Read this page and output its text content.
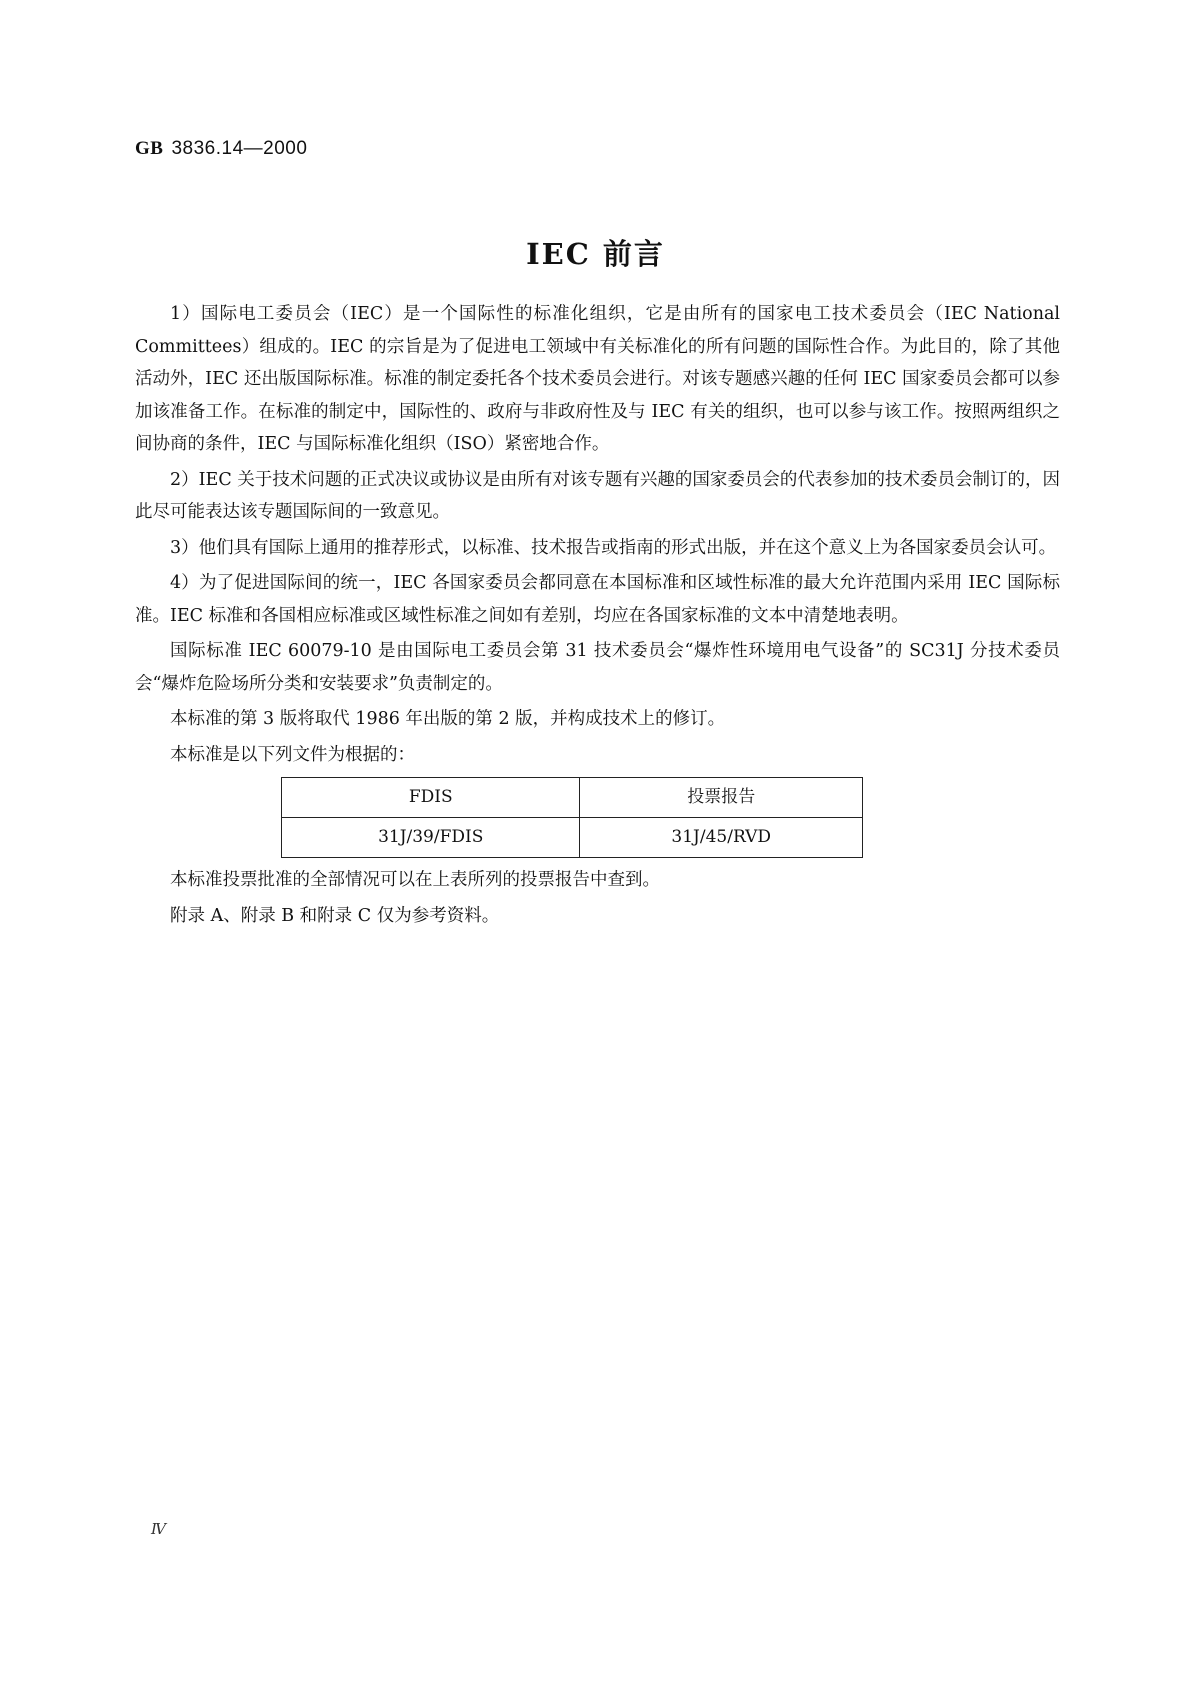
GB 3836.14—2000
IEC 前言

1）国际电工委员会（IEC）是一个国际性的标准化组织，它是由所有的国家电工技术委员会（IEC National Committees）组成的。IEC 的宗旨是为了促进电工领域中有关标准化的所有问题的国际性合作。为此目的，除了其他活动外，IEC 还出版国际标准。标准的制定委托各个技术委员会进行。对该专题感兴趣的任何 IEC 国家委员会都可以参加该准备工作。在标准的制定中，国际性的、政府与非政府性及与 IEC 有关的组织，也可以参与该工作。按照两组织之间协商的条件，IEC 与国际标准化组织（ISO）紧密地合作。

2）IEC 关于技术问题的正式决议或协议是由所有对该专题有兴趣的国家委员会的代表参加的技术委员会制订的，因此尽可能表达该专题国际间的一致意见。

3）他们具有国际上通用的推荐形式，以标准、技术报告或指南的形式出版，并在这个意义上为各国家委员会认可。

4）为了促进国际间的统一，IEC 各国家委员会都同意在本国标准和区域性标准的最大允许范围内采用 IEC 国际标准。IEC 标准和各国相应标准或区域性标准之间如有差别，均应在各国家标准的文本中清楚地表明。

国际标准 IEC 60079-10 是由国际电工委员会第 31 技术委员会“爆炸性环境用电气设备”的 SC31J 分技术委员会“爆炸危险场所分类和安装要求”负责制定的。

本标准的第 3 版将取代 1986 年出版的第 2 版，并构成技术上的修订。

本标准是以下列文件为根据的：

FDIS	投票报告
31J/39/FDIS	31J/45/RVD

本标准投票批准的全部情况可以在上表所列的投票报告中查到。

附录 A、附录 B 和附录 C 仅为参考资料。

Ⅳ
